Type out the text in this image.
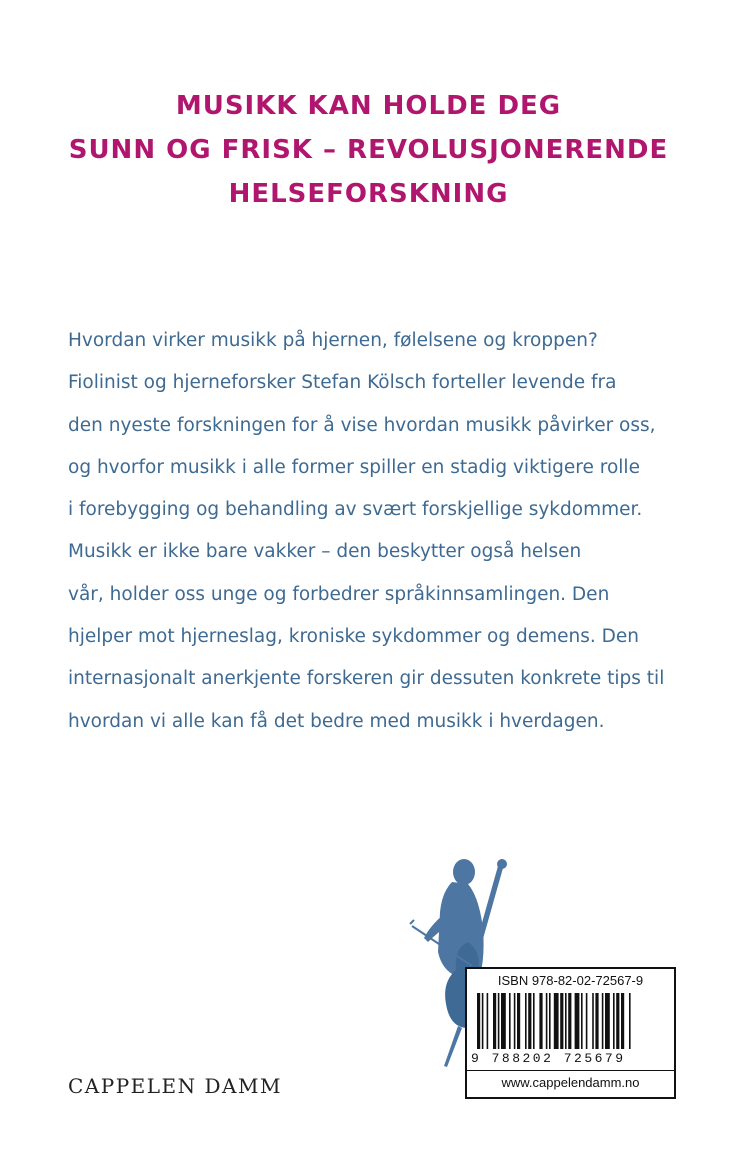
MUSIKK KAN HOLDE DEG
SUNN OG FRISK – REVOLUSJONERENDE
HELSEFORSKNING
Hvordan virker musikk på hjernen, følelsene og kroppen?
Fiolinist og hjerneforsker Stefan Kölsch forteller levende fra
den nyeste forskningen for å vise hvordan musikk påvirker oss,
og hvorfor musikk i alle former spiller en stadig viktigere rolle
i forebygging og behandling av svært forskjellige sykdommer.
Musikk er ikke bare vakker – den beskytter også helsen
vår, holder oss unge og forbedrer språkinnsamlingen. Den
hjelper mot hjerneslag, kroniske sykdommer og demens. Den
internasjonalt anerkjente forskeren gir dessuten konkrete tips til
hvordan vi alle kan få det bedre med musikk i hverdagen.
CAPPELEN DAMM
ISBN 978-82-02-72567-9
9 788202 725679
www.cappelendamm.no
